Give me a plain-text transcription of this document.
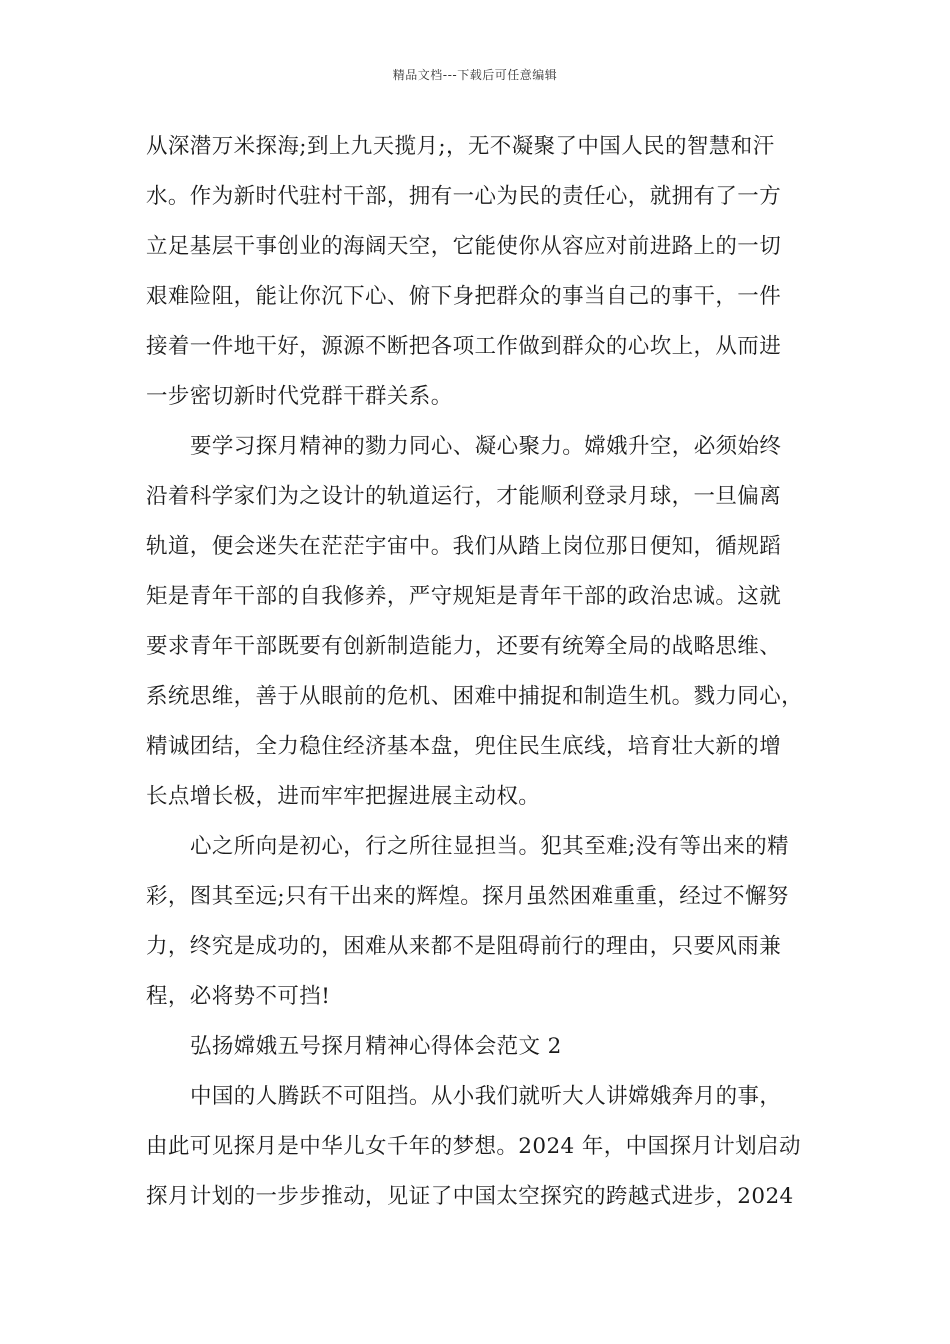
精品文档---下载后可任意编辑
从深潜万米探海;到上九天揽月;，无不凝聚了中国人民的智慧和汗
水。作为新时代驻村干部，拥有一心为民的责任心，就拥有了一方
立足基层干事创业的海阔天空，它能使你从容应对前进路上的一切
艰难险阻，能让你沉下心、俯下身把群众的事当自己的事干，一件
接着一件地干好，源源不断把各项工作做到群众的心坎上，从而进
一步密切新时代党群干群关系。
要学习探月精神的勠力同心、凝心聚力。嫦娥升空，必须始终
沿着科学家们为之设计的轨道运行，才能顺利登录月球，一旦偏离
轨道，便会迷失在茫茫宇宙中。我们从踏上岗位那日便知，循规蹈
矩是青年干部的自我修养，严守规矩是青年干部的政治忠诚。这就
要求青年干部既要有创新制造能力，还要有统筹全局的战略思维、
系统思维，善于从眼前的危机、困难中捕捉和制造生机。戮力同心，
精诚团结，全力稳住经济基本盘，兜住民生底线，培育壮大新的增
长点增长极，进而牢牢把握进展主动权。
心之所向是初心，行之所往显担当。犯其至难;没有等出来的精
彩，图其至远;只有干出来的辉煌。探月虽然困难重重，经过不懈努
力，终究是成功的，困难从来都不是阻碍前行的理由，只要风雨兼
程，必将势不可挡!
弘扬嫦娥五号探月精神心得体会范文 2
中国的人腾跃不可阻挡。从小我们就听大人讲嫦娥奔月的事，
由此可见探月是中华儿女千年的梦想。2024 年，中国探月计划启动
探月计划的一步步推动，见证了中国太空探究的跨越式进步，2024
